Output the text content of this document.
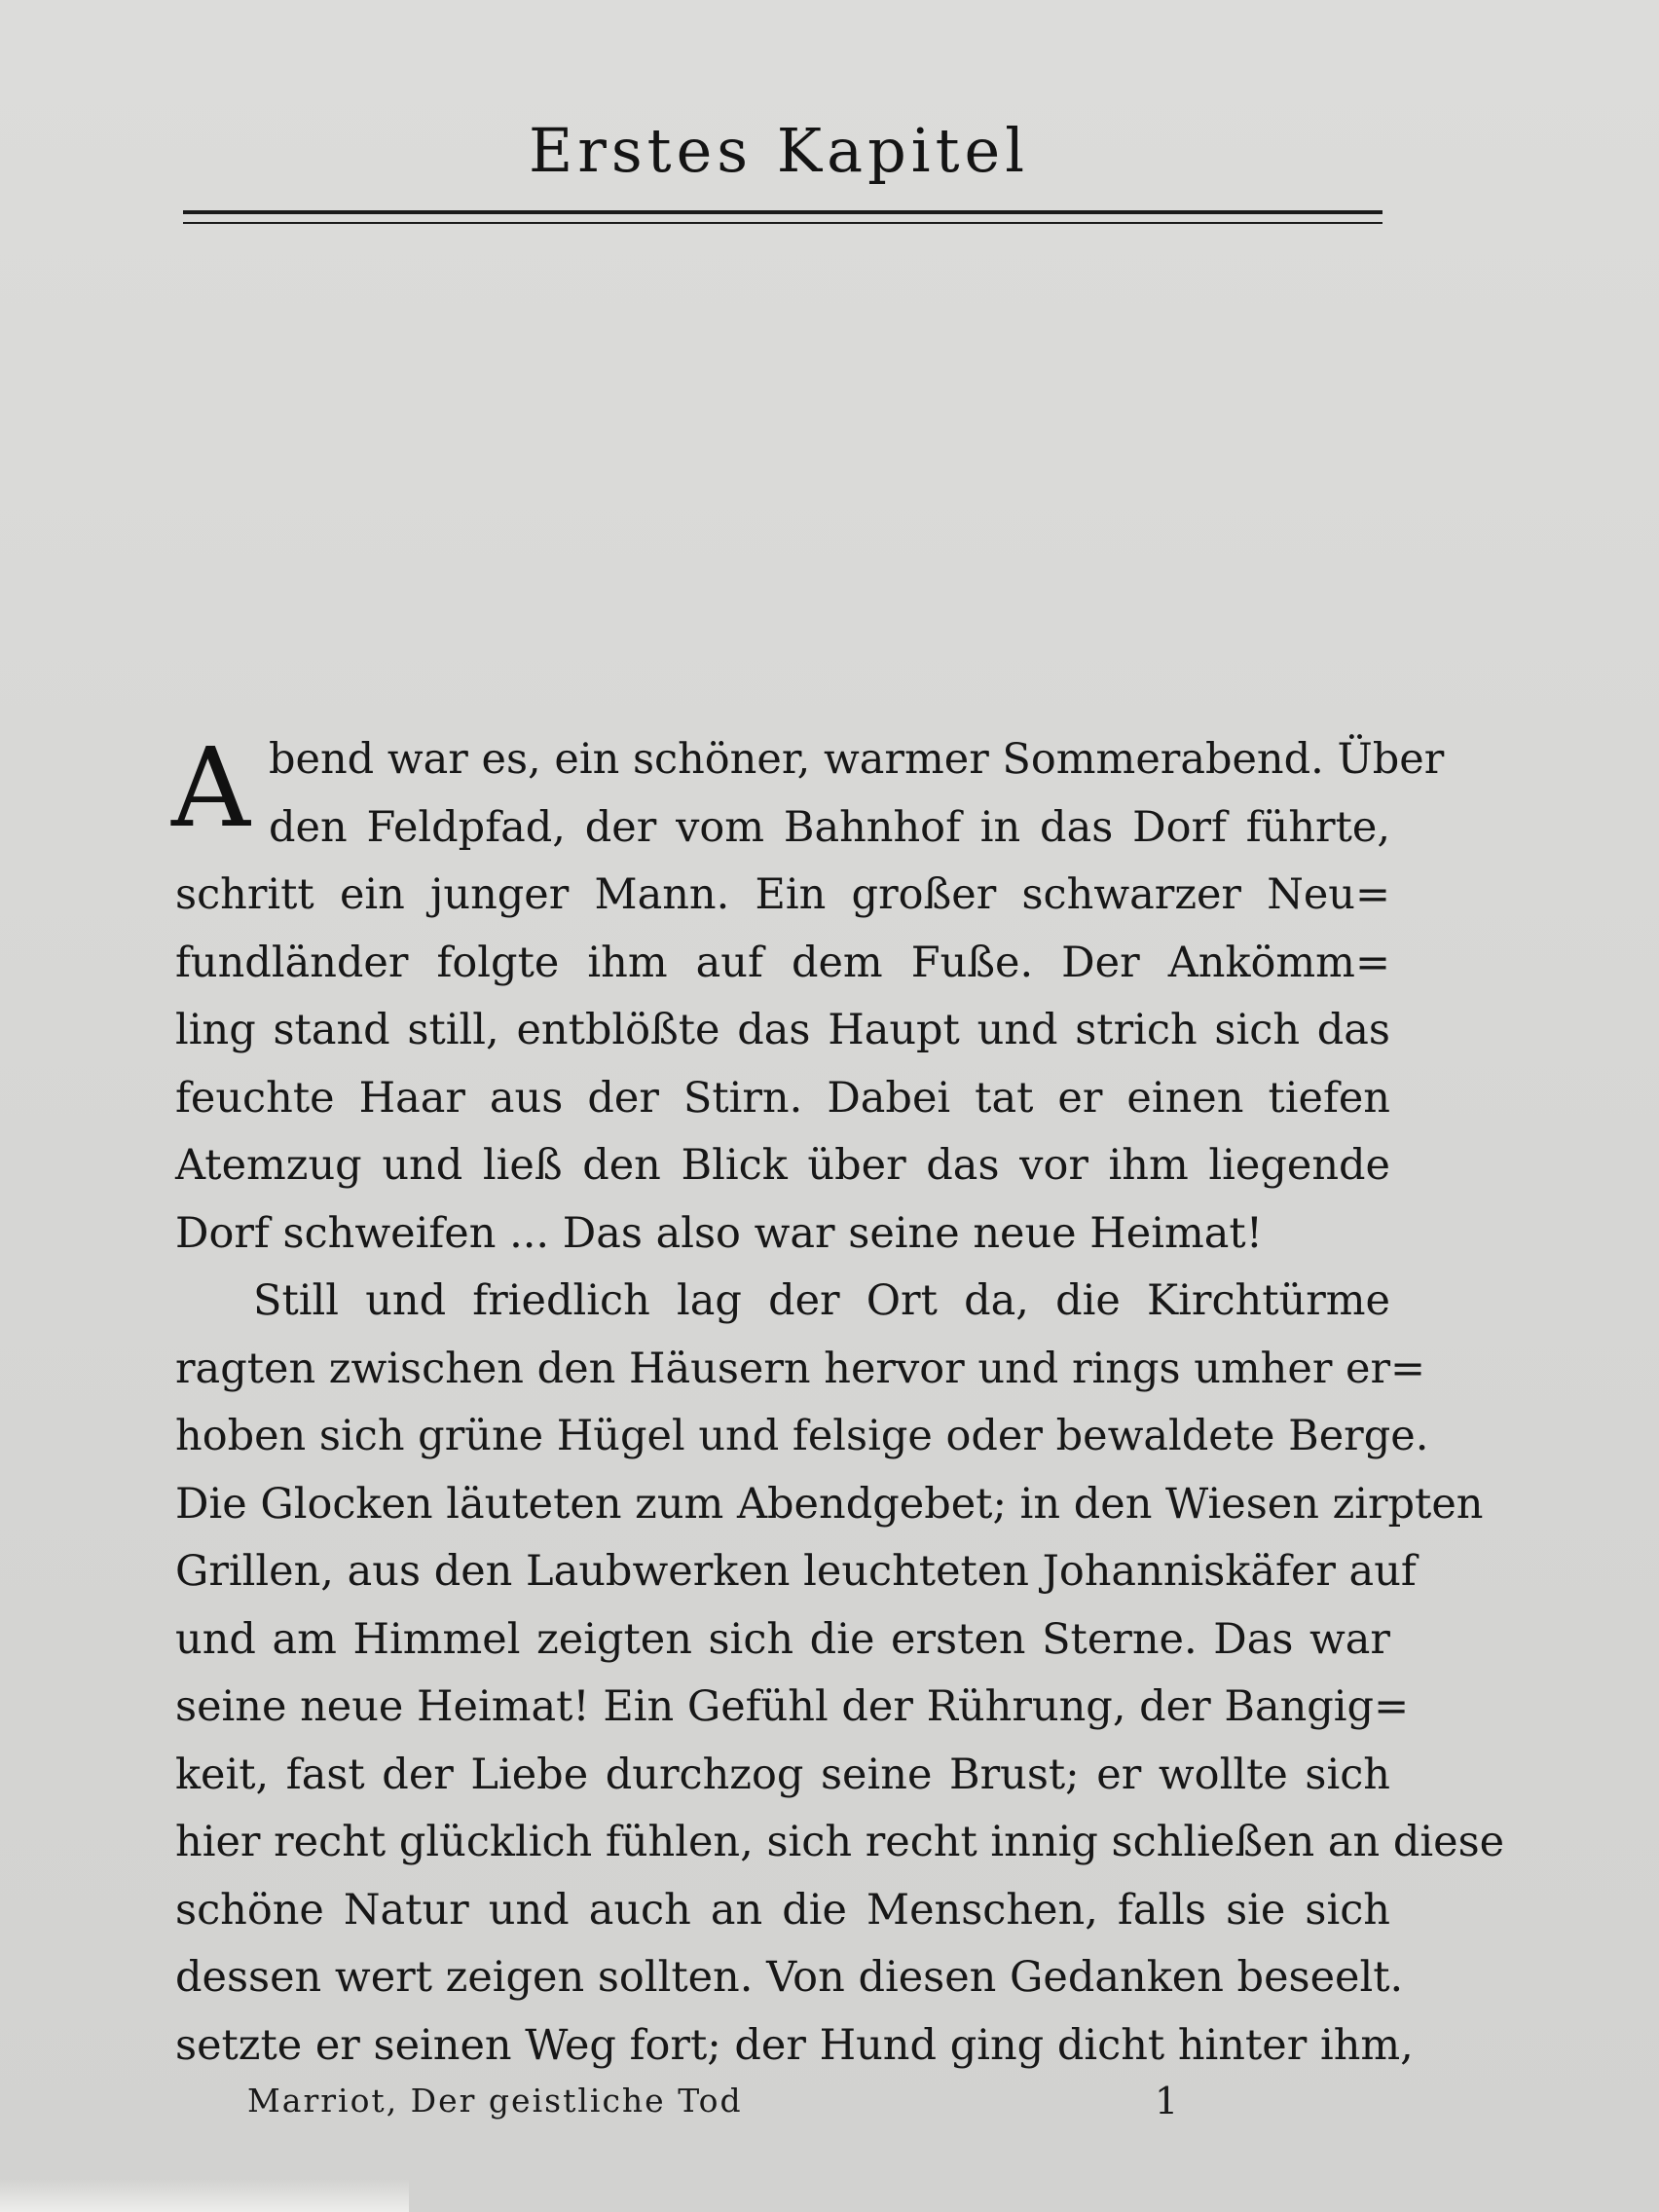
Erstes Kapitel
A bend war es, ein schöner, warmer Sommerabend. Über
den Feldpfad, der vom Bahnhof in das Dorf führte,
schritt ein junger Mann. Ein großer schwarzer Neu=
fundländer folgte ihm auf dem Fuße. Der Ankömm=
ling stand still, entblößte das Haupt und strich sich das
feuchte Haar aus der Stirn. Dabei tat er einen tiefen
Atemzug und ließ den Blick über das vor ihm liegende
Dorf schweifen ... Das also war seine neue Heimat!
Still und friedlich lag der Ort da, die Kirchtürme
ragten zwischen den Häusern hervor und rings umher er=
hoben sich grüne Hügel und felsige oder bewaldete Berge.
Die Glocken läuteten zum Abendgebet; in den Wiesen zirpten
Grillen, aus den Laubwerken leuchteten Johanniskäfer auf
und am Himmel zeigten sich die ersten Sterne. Das war
seine neue Heimat! Ein Gefühl der Rührung, der Bangig=
keit, fast der Liebe durchzog seine Brust; er wollte sich
hier recht glücklich fühlen, sich recht innig schließen an diese
schöne Natur und auch an die Menschen, falls sie sich
dessen wert zeigen sollten. Von diesen Gedanken beseelt.
setzte er seinen Weg fort; der Hund ging dicht hinter ihm,
Marriot, Der geistliche Tod	1
